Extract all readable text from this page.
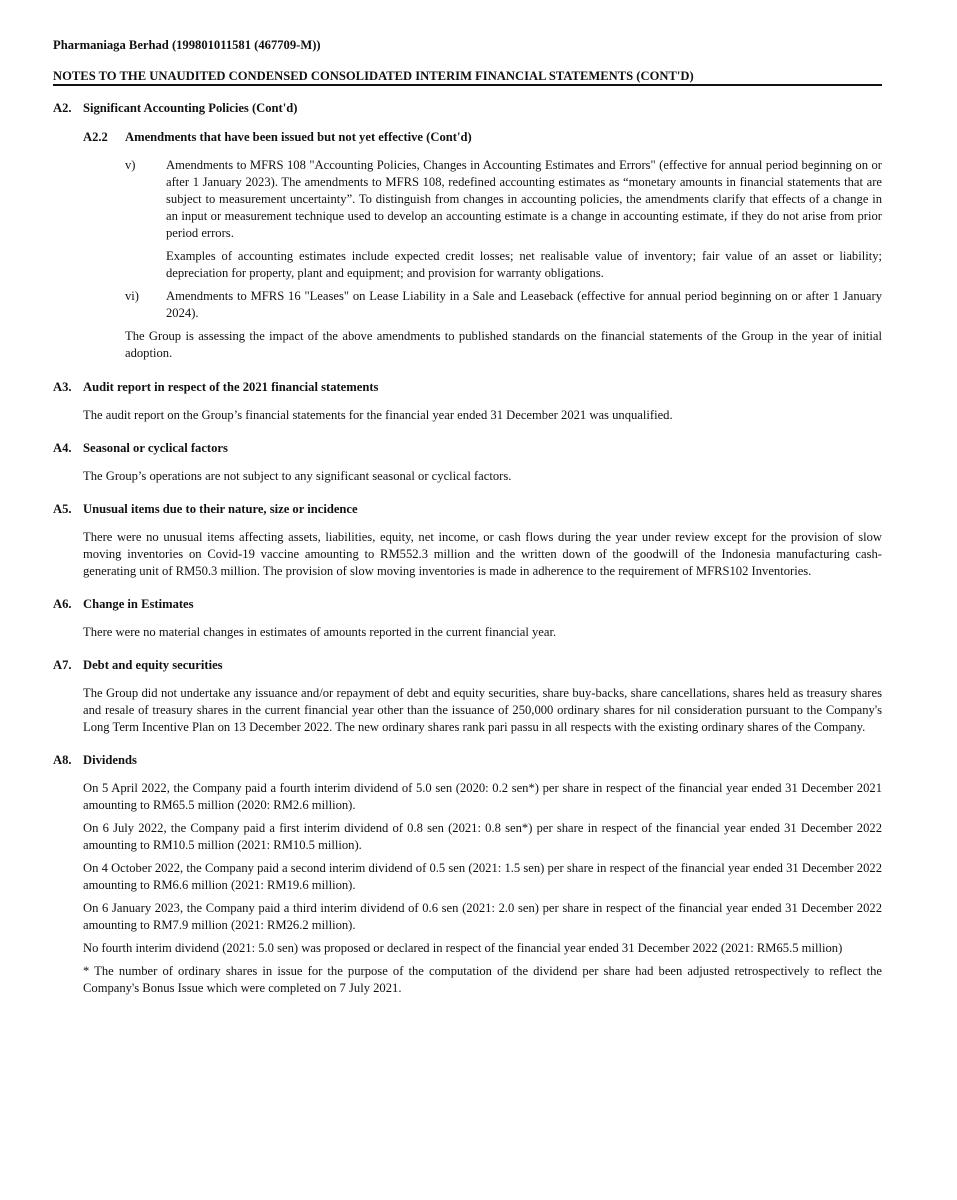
Pharmaniaga Berhad (199801011581 (467709-M))
NOTES TO THE UNAUDITED CONDENSED CONSOLIDATED INTERIM FINANCIAL STATEMENTS (CONT'D)
A2. Significant Accounting Policies (Cont'd)
A2.2	Amendments that have been issued but not yet effective (Cont'd)
v)	Amendments to MFRS 108 "Accounting Policies, Changes in Accounting Estimates and Errors" (effective for annual period beginning on or after 1 January 2023). The amendments to MFRS 108, redefined accounting estimates as “monetary amounts in financial statements that are subject to measurement uncertainty”. To distinguish from changes in accounting policies, the amendments clarify that effects of a change in an input or measurement technique used to develop an accounting estimate is a change in accounting estimate, if they do not arise from prior period errors.
Examples of accounting estimates include expected credit losses; net realisable value of inventory; fair value of an asset or liability; depreciation for property, plant and equipment; and provision for warranty obligations.
vi)	Amendments to MFRS 16 "Leases" on Lease Liability in a Sale and Leaseback (effective for annual period beginning on or after 1 January 2024).
The Group is assessing the impact of the above amendments to published standards on the financial statements of the Group in the year of initial adoption.
A3. Audit report in respect of the 2021 financial statements
The audit report on the Group’s financial statements for the financial year ended 31 December 2021 was unqualified.
A4. Seasonal or cyclical factors
The Group’s operations are not subject to any significant seasonal or cyclical factors.
A5. Unusual items due to their nature, size or incidence
There were no unusual items affecting assets, liabilities, equity, net income, or cash flows during the year under review except for the provision of slow moving inventories on Covid-19 vaccine amounting to RM552.3 million and the written down of the goodwill of the Indonesia manufacturing cash-generating unit of RM50.3 million. The provision of slow moving inventories is made in adherence to the requirement of MFRS102 Inventories.
A6. Change in Estimates
There were no material changes in estimates of amounts reported in the current financial year.
A7. Debt and equity securities
The Group did not undertake any issuance and/or repayment of debt and equity securities, share buy-backs, share cancellations, shares held as treasury shares and resale of treasury shares in the current financial year other than the issuance of 250,000 ordinary shares for nil consideration pursuant to the Company's Long Term Incentive Plan on 13 December 2022. The new ordinary shares rank pari passu in all respects with the existing ordinary shares of the Company.
A8. Dividends
On 5 April 2022, the Company paid a fourth interim dividend of 5.0 sen (2020: 0.2 sen*) per share in respect of the financial year ended 31 December 2021 amounting to RM65.5 million (2020: RM2.6 million).
On 6 July 2022, the Company paid a first interim dividend of 0.8 sen (2021: 0.8 sen*) per share in respect of the financial year ended 31 December 2022 amounting to RM10.5 million (2021: RM10.5 million).
On 4 October 2022, the Company paid a second interim dividend of 0.5 sen (2021: 1.5 sen) per share in respect of the financial year ended 31 December 2022 amounting to RM6.6 million (2021: RM19.6 million).
On 6 January 2023, the Company paid a third interim dividend of 0.6 sen (2021: 2.0 sen) per share in respect of the financial year ended 31 December 2022 amounting to RM7.9 million (2021: RM26.2 million).
No fourth interim dividend (2021: 5.0 sen) was proposed or declared in respect of the financial year ended 31 December 2022 (2021: RM65.5 million)
* The number of ordinary shares in issue for the purpose of the computation of the dividend per share had been adjusted retrospectively to reflect the Company's Bonus Issue which were completed on 7 July 2021.
